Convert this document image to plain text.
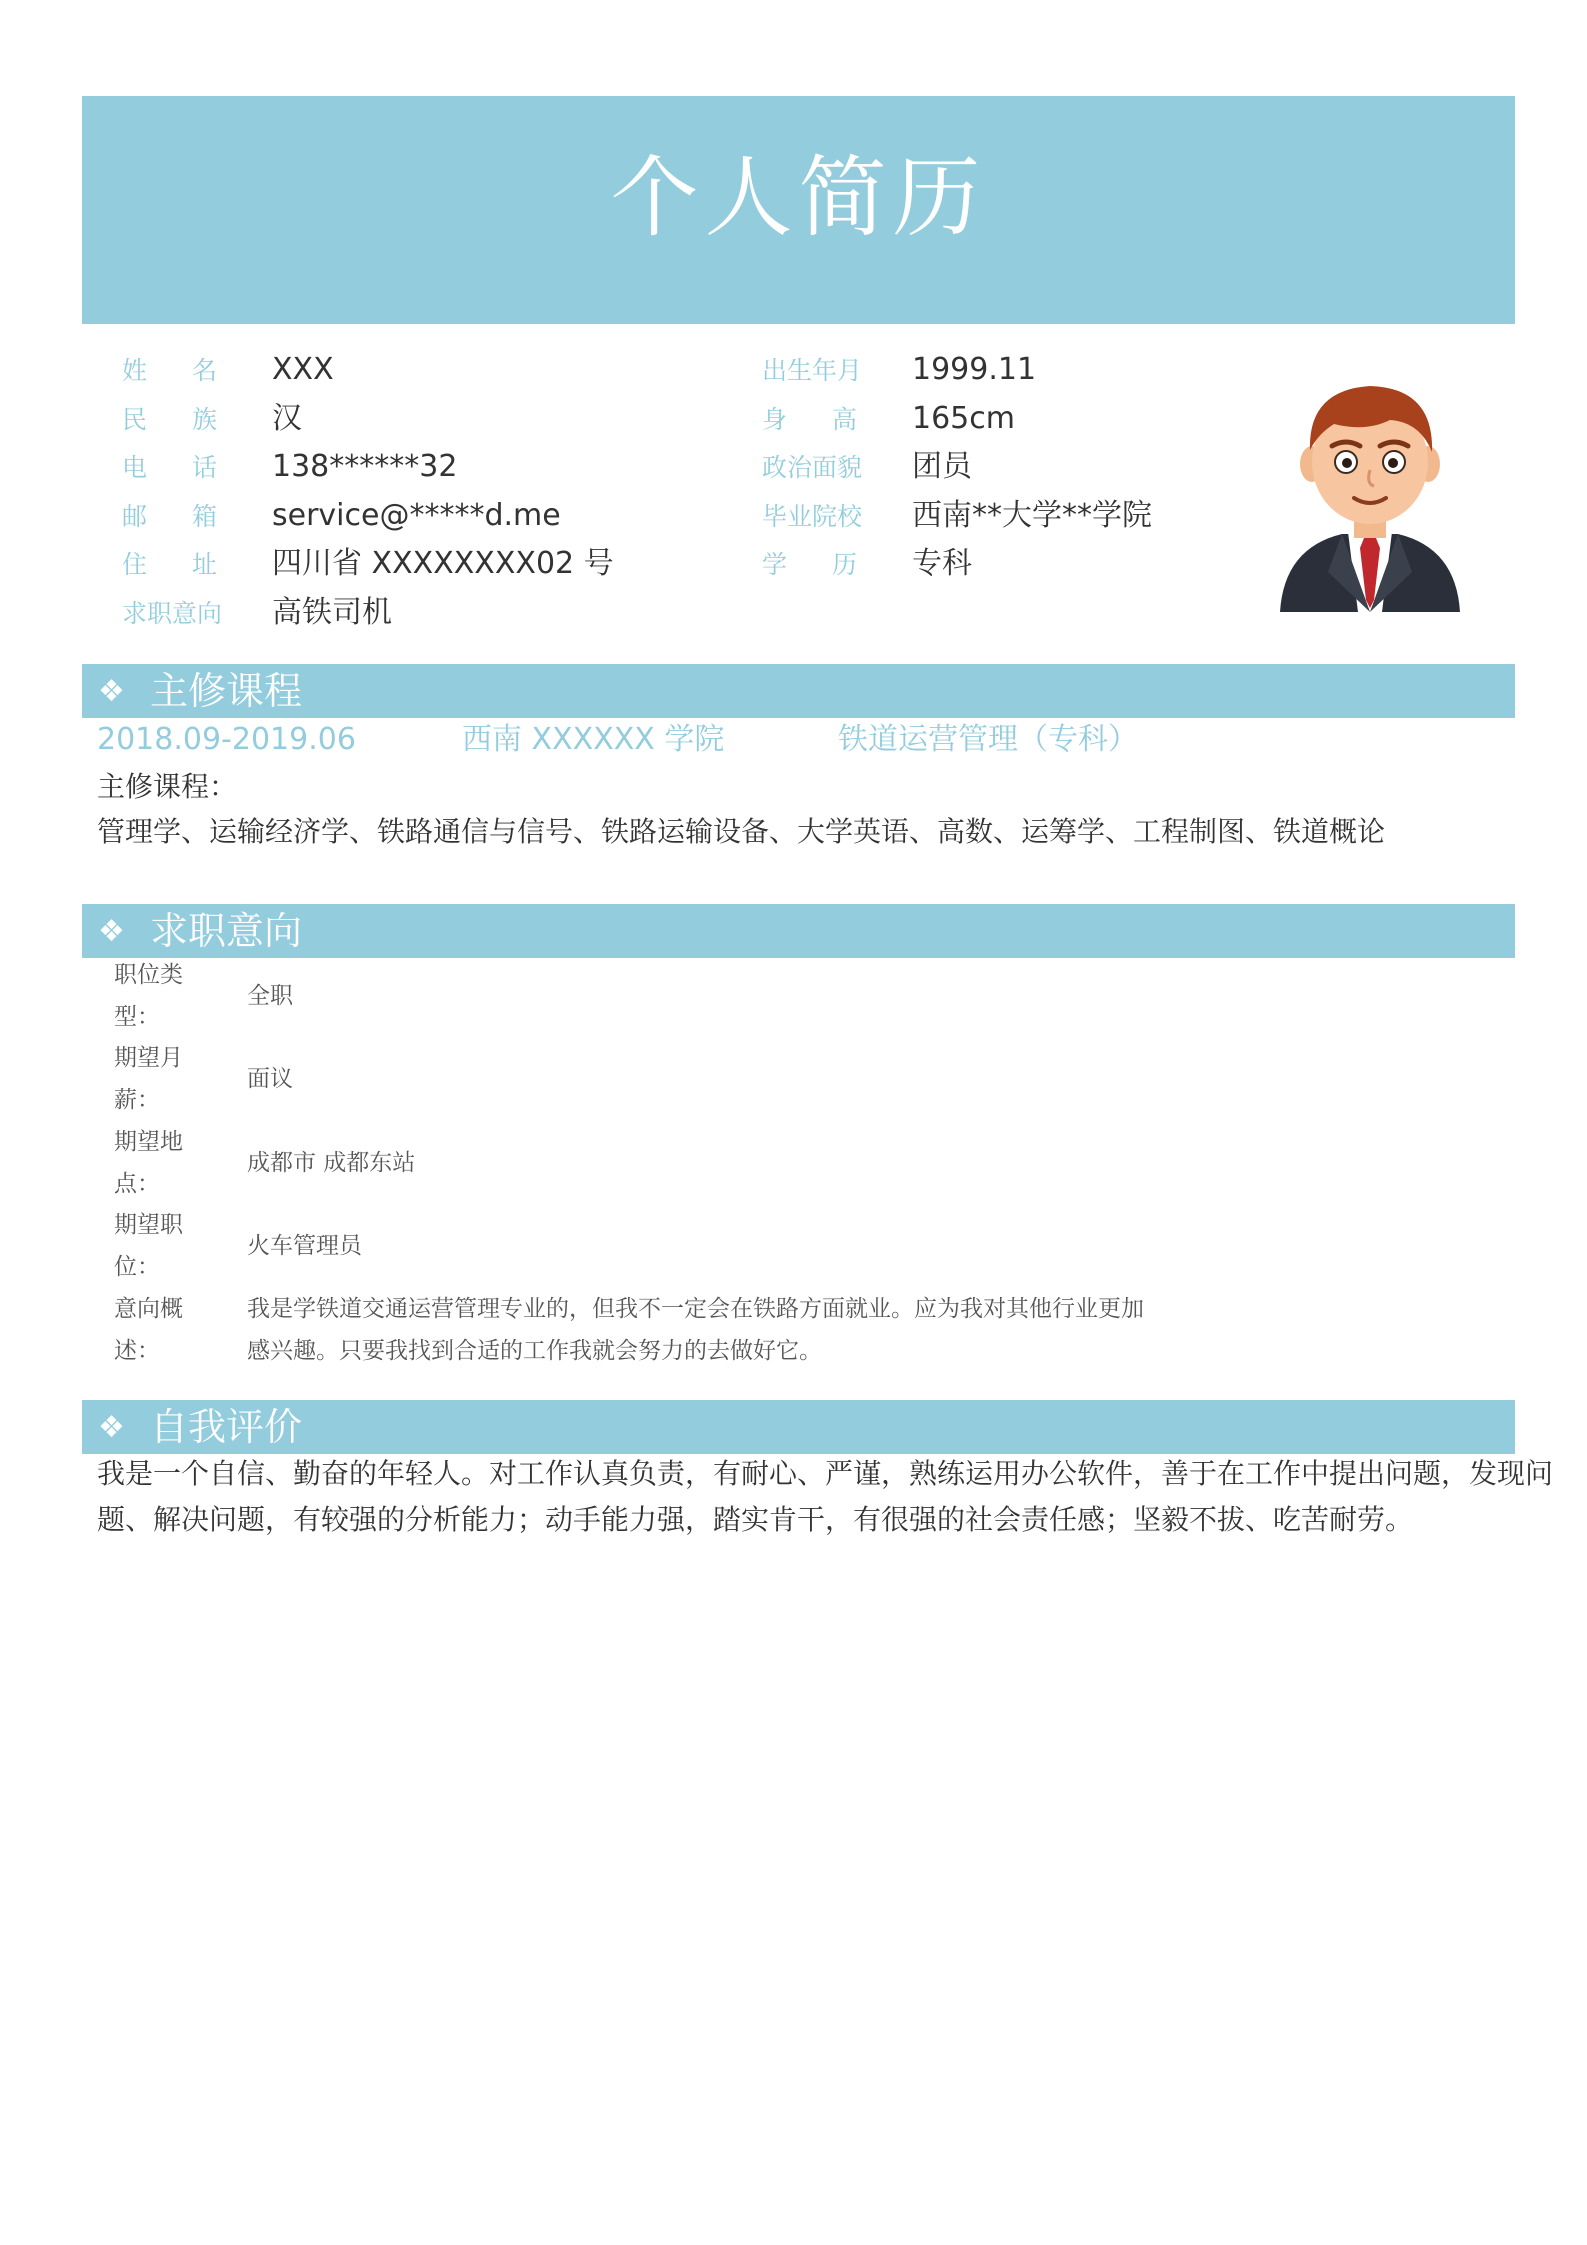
个人简历
姓 名 XXX
民 族 汉
电 话 138******32
邮 箱 service@*****d.me
住 址 四川省 XXXXXXXX02 号
求职意向 高铁司机
出生年月 1999.11
身 高 165cm
政治面貌 团员
毕业院校 西南**大学**学院
学 历 专科
❖ 主修课程
2018.09-2019.06	西南 XXXXXX 学院	铁道运营管理（专科）
主修课程：
管理学、运输经济学、铁路通信与信号、铁路运输设备、大学英语、高数、运筹学、工程制图、铁道概论
❖ 求职意向
职位类
型：
全职
期望月
薪：
面议
期望地
点：
成都市 成都东站
期望职
位：
火车管理员
意向概
述：
我是学铁道交通运营管理专业的，但我不一定会在铁路方面就业。应为我对其他行业更加
感兴趣。只要我找到合适的工作我就会努力的去做好它。
❖ 自我评价
我是一个自信、勤奋的年轻人。对工作认真负责，有耐心、严谨，熟练运用办公软件，善于在工作中提出问题，发现问
题、解决问题，有较强的分析能力；动手能力强，踏实肯干，有很强的社会责任感；坚毅不拔、吃苦耐劳。
